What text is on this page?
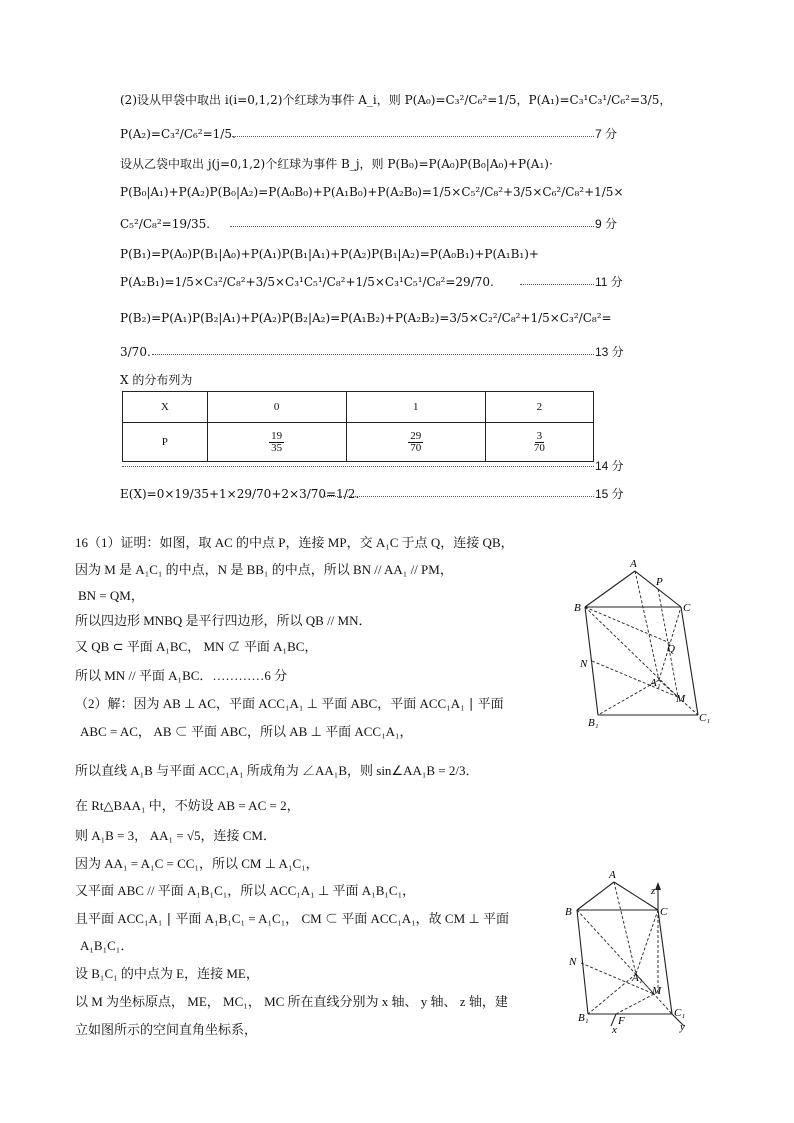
(2)设从甲袋中取出 i(i=0,1,2)个红球为事件 A_i，则 P(A₀)=C₃²/C₆²=1/5，P(A₁)=C₃¹C₃¹/C₆²=3/5，
P(A₂)=C₃²/C₆²=1/5.	7 分
设从乙袋中取出 j(j=0,1,2)个红球为事件 B_j，则 P(B₀)=P(A₀)P(B₀|A₀)+P(A₁)·
P(B₀|A₁)+P(A₂)P(B₀|A₂)=P(A₀B₀)+P(A₁B₀)+P(A₂B₀)=1/5×C₅²/C₈²+3/5×C₆²/C₈²+1/5×
C₅²/C₈²=19/35.	9 分
P(B₁)=P(A₀)P(B₁|A₀)+P(A₁)P(B₁|A₁)+P(A₂)P(B₁|A₂)=P(A₀B₁)+P(A₁B₁)+
P(A₂B₁)=1/5×C₃²/C₈²+3/5×C₃¹C₅¹/C₈²+1/5×C₃¹C₅¹/C₈²=29/70.	11 分
P(B₂)=P(A₁)P(B₂|A₁)+P(A₂)P(B₂|A₂)=P(A₁B₂)+P(A₂B₂)=3/5×C₂²/C₈²+1/5×C₃²/C₈²=
3/70.	13 分
X 的分布列为
X	0	1	2
P	$\frac{19}{35}$	$\frac{29}{70}$	$\frac{3}{70}$
14 分
E(X)=0×19/35+1×29/70+2×3/70=1/2.	15 分
16（1）证明：如图，取 AC 的中点 P，连接 MP，交 A₁C 于点 Q，连接 QB，
因为 M 是 A₁C₁ 的中点，N 是 BB₁ 的中点，所以 BN // AA₁ // PM，
BN = QM，
所以四边形 MNBQ 是平行四边形，所以 QB // MN．
又 QB ⊂ 平面 A₁BC， MN ⊄ 平面 A₁BC，
所以 MN // 平面 A₁BC．…………6 分
（2）解：因为 AB ⊥ AC，平面 ACC₁A₁ ⊥ 平面 ABC，平面 ACC₁A₁ ∣ 平面
ABC = AC， AB ⊂ 平面 ABC，所以 AB ⊥ 平面 ACC₁A₁，
所以直线 A₁B 与平面 ACC₁A₁ 所成角为 ∠AA₁B，则 sin∠AA₁B = 2/3．
在 Rt△BAA₁ 中，不妨设 AB = AC = 2，
则 A₁B = 3， AA₁ = √5，连接 CM．
因为 AA₁ = A₁C = CC₁，所以 CM ⊥ A₁C₁，
又平面 ABC // 平面 A₁B₁C₁，所以 ACC₁A₁ ⊥ 平面 A₁B₁C₁，
且平面 ACC₁A₁ ∣ 平面 A₁B₁C₁ = A₁C₁， CM ⊂ 平面 ACC₁A₁，故 CM ⊥ 平面
A₁B₁C₁．
设 B₁C₁ 的中点为 E，连接 ME，
以 M 为坐标原点， ME， MC₁， MC 所在直线分别为 x 轴、 y 轴、 z 轴，建
立如图所示的空间直角坐标系，
A
P
B	C
Q
N
A₁
M
B₁	C₁
z
A
B	C
N
A₁
M
B₁	C₁
F
x	y
